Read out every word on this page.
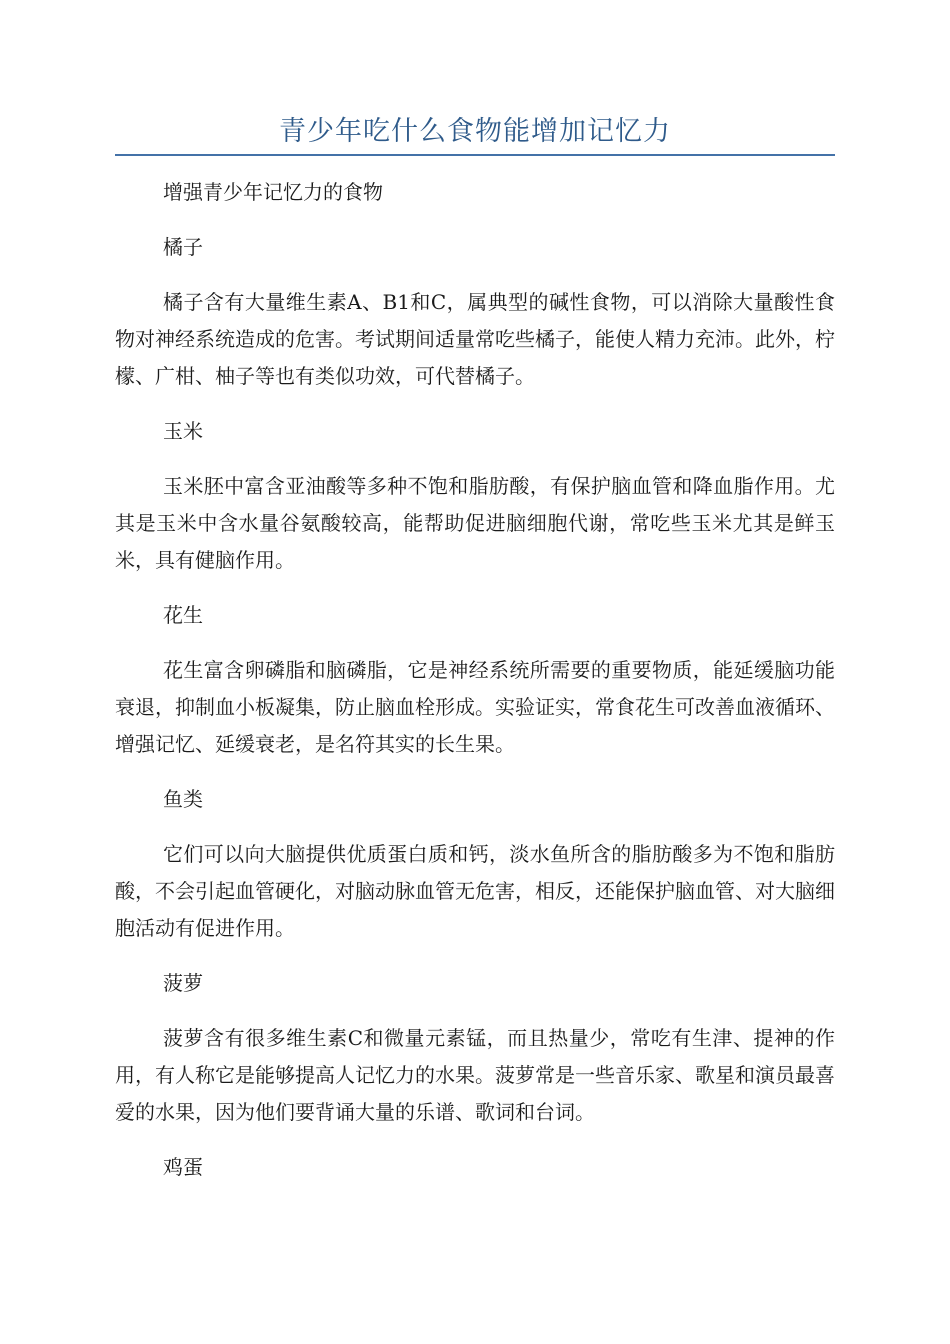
青少年吃什么食物能增加记忆力

增强青少年记忆力的食物

橘子

橘子含有大量维生素A、B1和C，属典型的碱性食物，可以消除大量酸性食物对神经系统造成的危害。考试期间适量常吃些橘子，能使人精力充沛。此外，柠檬、广柑、柚子等也有类似功效，可代替橘子。

玉米

玉米胚中富含亚油酸等多种不饱和脂肪酸，有保护脑血管和降血脂作用。尤其是玉米中含水量谷氨酸较高，能帮助促进脑细胞代谢，常吃些玉米尤其是鲜玉米，具有健脑作用。

花生

花生富含卵磷脂和脑磷脂，它是神经系统所需要的重要物质，能延缓脑功能衰退，抑制血小板凝集，防止脑血栓形成。实验证实，常食花生可改善血液循环、增强记忆、延缓衰老，是名符其实的长生果。

鱼类

它们可以向大脑提供优质蛋白质和钙，淡水鱼所含的脂肪酸多为不饱和脂肪酸，不会引起血管硬化，对脑动脉血管无危害，相反，还能保护脑血管、对大脑细胞活动有促进作用。

菠萝

菠萝含有很多维生素C和微量元素锰，而且热量少，常吃有生津、提神的作用，有人称它是能够提高人记忆力的水果。菠萝常是一些音乐家、歌星和演员最喜爱的水果，因为他们要背诵大量的乐谱、歌词和台词。

鸡蛋
